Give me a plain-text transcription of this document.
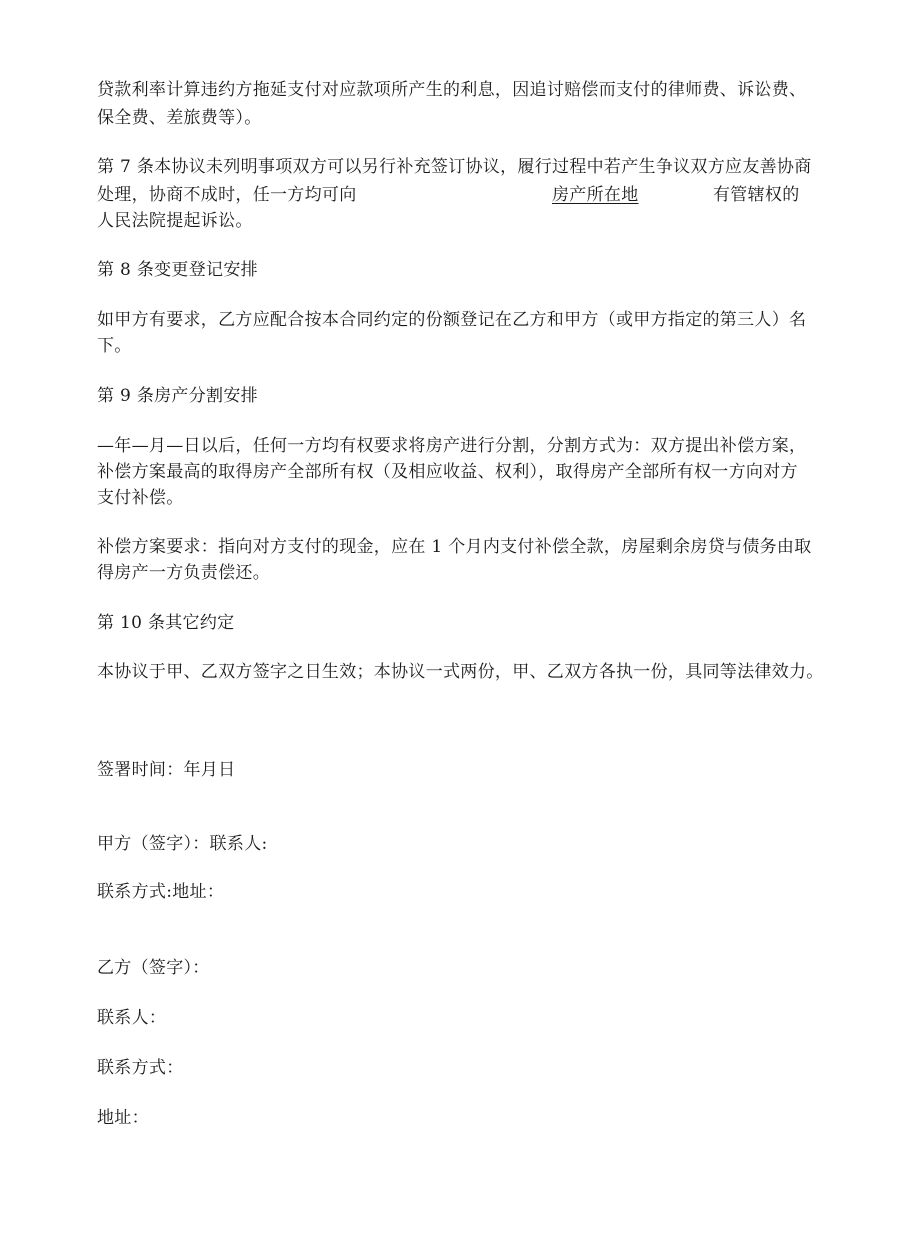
贷款利率计算违约方拖延支付对应款项所产生的利息，因追讨赔偿而支付的律师费、诉讼费、

保全费、差旅费等）。

第 7 条本协议未列明事项双方可以另行补充签订协议，履行过程中若产生争议双方应友善协商

处理，协商不成时，任一方均可向	房产所在地	有管辖权的

人民法院提起诉讼。

第 8 条变更登记安排

如甲方有要求，乙方应配合按本合同约定的份额登记在乙方和甲方（或甲方指定的第三人）名

下。

第 9 条房产分割安排

—年—月—日以后，任何一方均有权要求将房产进行分割，分割方式为：双方提出补偿方案，

补偿方案最高的取得房产全部所有权（及相应收益、权利），取得房产全部所有权一方向对方

支付补偿。

补偿方案要求：指向对方支付的现金，应在 1 个月内支付补偿全款，房屋剩余房贷与债务由取

得房产一方负责偿还。

第 10 条其它约定

本协议于甲、乙双方签字之日生效；本协议一式两份，甲、乙双方各执一份，具同等法律效力。

签署时间：年月日

甲方（签字）：联系人:

联系方式:地址：

乙方（签字）：

联系人：

联系方式：

地址：
